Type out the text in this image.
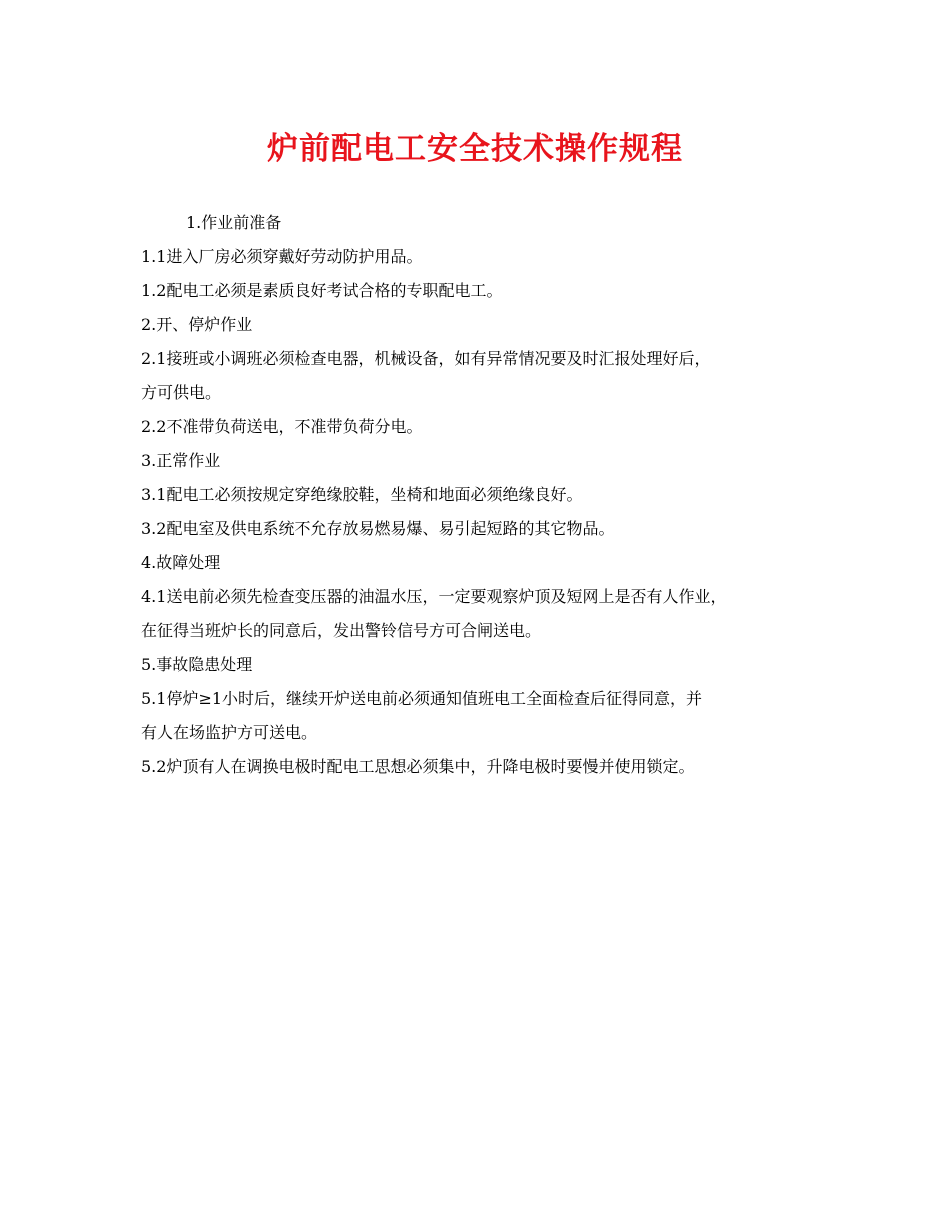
炉前配电工安全技术操作规程

1.作业前准备

1.1进入厂房必须穿戴好劳动防护用品。

1.2配电工必须是素质良好考试合格的专职配电工。

2.开、停炉作业

2.1接班或小调班必须检查电器，机械设备，如有异常情况要及时汇报处理好后，

方可供电。

2.2不准带负荷送电，不准带负荷分电。

3.正常作业

3.1配电工必须按规定穿绝缘胶鞋，坐椅和地面必须绝缘良好。

3.2配电室及供电系统不允存放易燃易爆、易引起短路的其它物品。

4.故障处理

4.1送电前必须先检查变压器的油温水压，一定要观察炉顶及短网上是否有人作业，

在征得当班炉长的同意后，发出警铃信号方可合闸送电。

5.事故隐患处理

5.1停炉≥1小时后，继续开炉送电前必须通知值班电工全面检查后征得同意，并

有人在场监护方可送电。

5.2炉顶有人在调换电极时配电工思想必须集中，升降电极时要慢并使用锁定。
